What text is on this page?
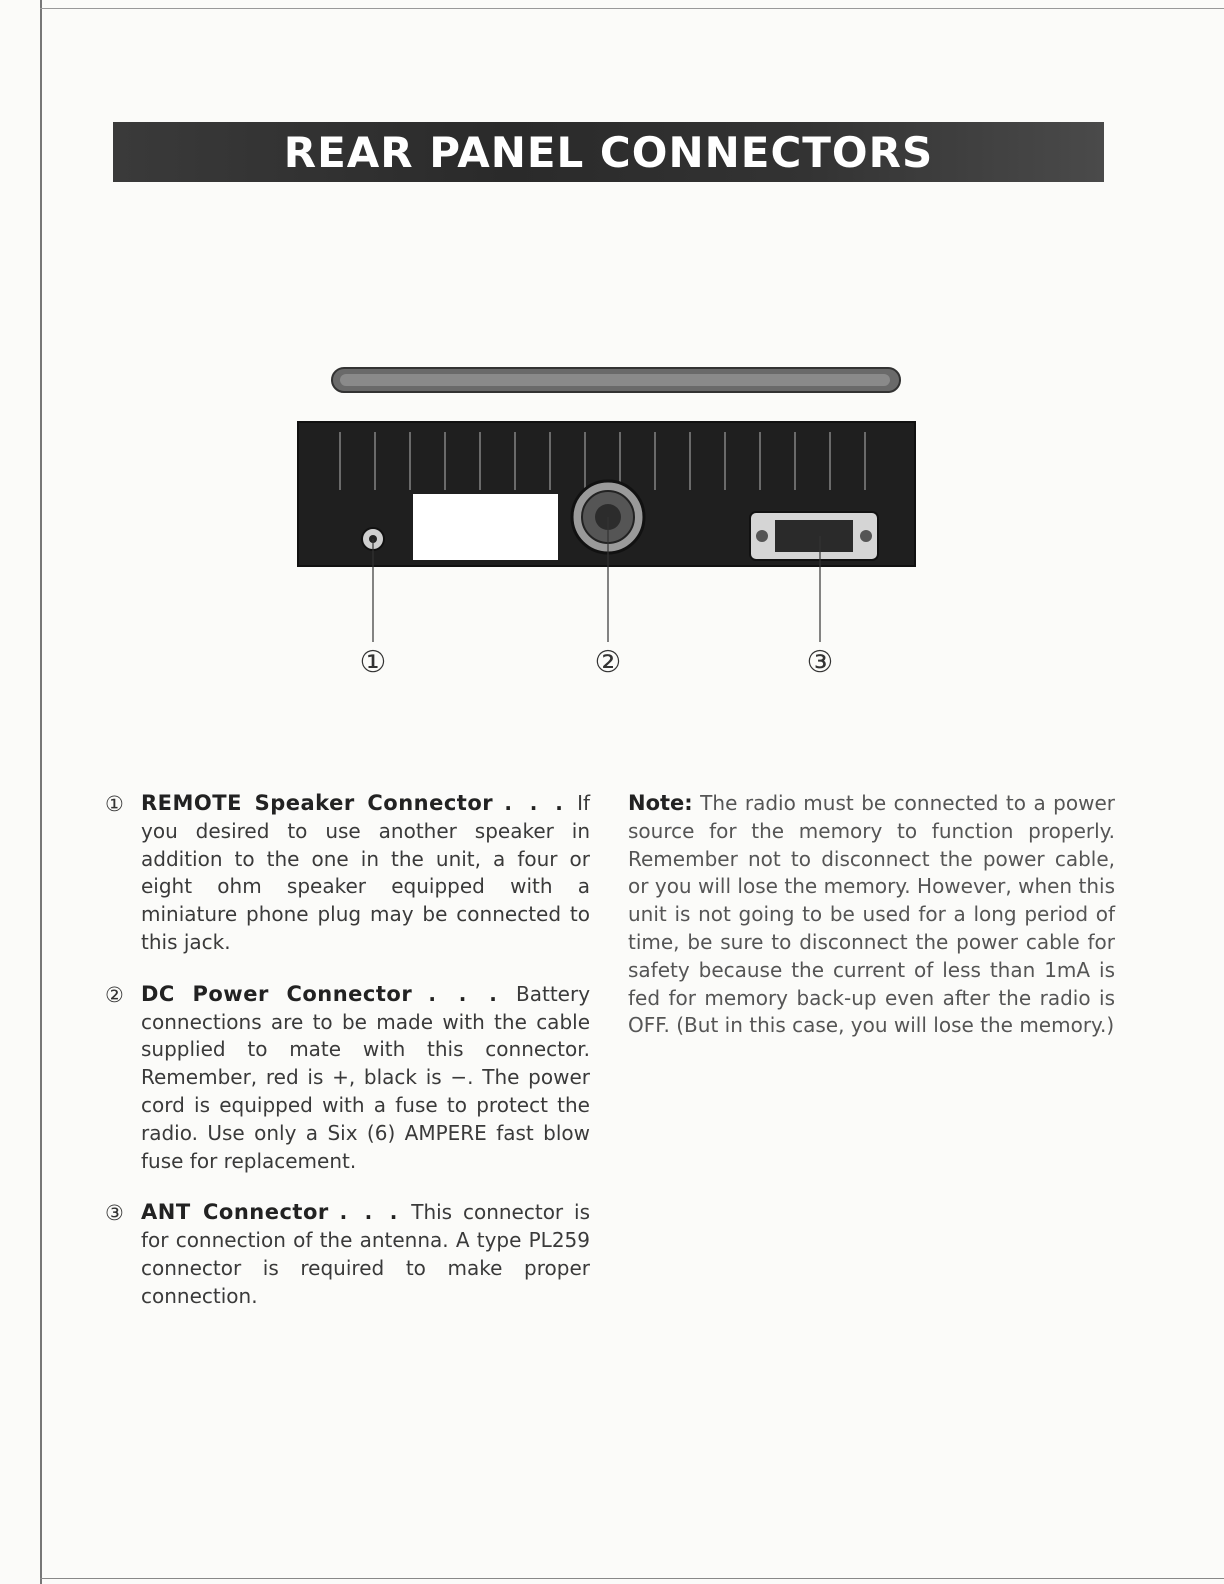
REAR PANEL CONNECTORS
①	②	③
① REMOTE Speaker Connector . . . If you desired to use another speaker in addition to the one in the unit, a four or eight ohm speaker equipped with a miniature phone plug may be connected to this jack.
② DC Power Connector . . . Battery connections are to be made with the cable supplied to mate with this connector. Remember, red is +, black is −. The power cord is equipped with a fuse to protect the radio. Use only a Six (6) AMPERE fast blow fuse for replacement.
③ ANT Connector . . . This connector is for connection of the antenna. A type PL259 connector is required to make proper connection.
Note: The radio must be connected to a power source for the memory to function properly. Remember not to disconnect the power cable, or you will lose the memory. However, when this unit is not going to be used for a long period of time, be sure to disconnect the power cable for safety because the current of less than 1mA is fed for memory back-up even after the radio is OFF. (But in this case, you will lose the memory.)
